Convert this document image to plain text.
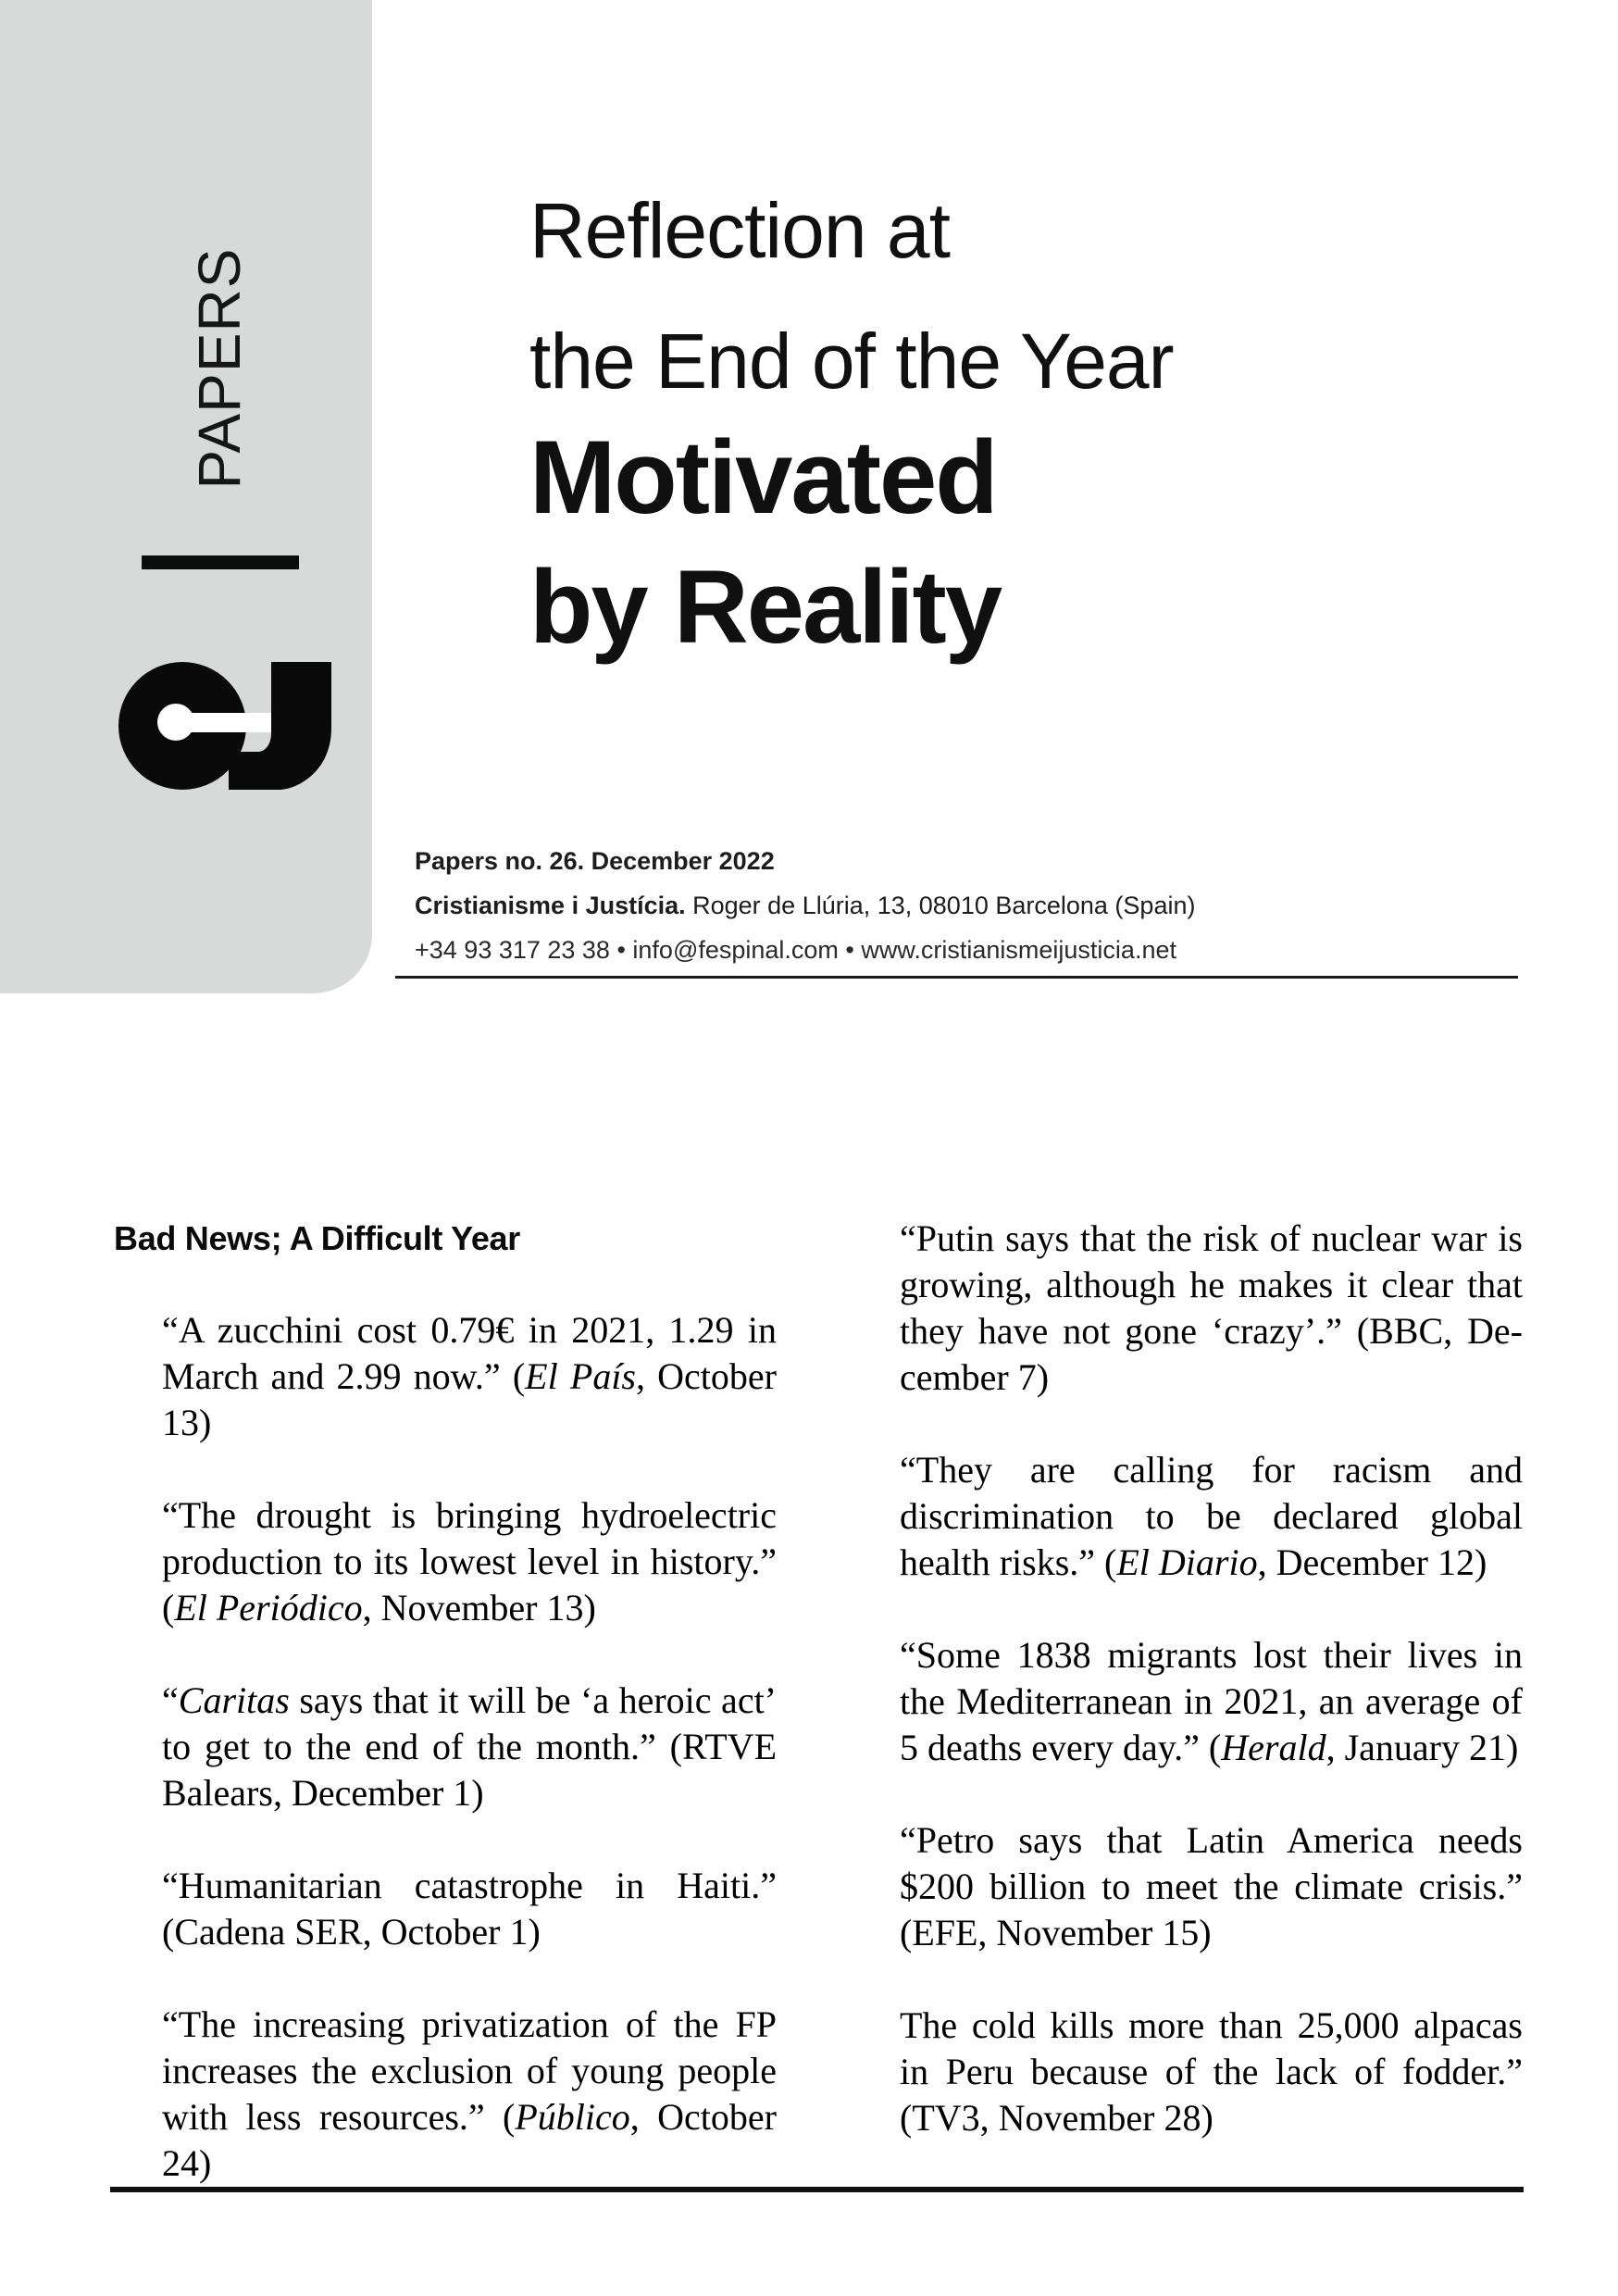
PAPERS
Reflection at
the End of the Year
Motivated
by Reality
Papers no. 26. December 2022
Cristianisme i Justícia. Roger de Llúria, 13, 08010 Barcelona (Spain)
+34 93 317 23 38 • info@fespinal.com • www.cristianismeijusticia.net
Bad News; A Difficult Year

“A zucchini cost 0.79€ in 2021, 1.29 in March and 2.99 now.” (El País, October 13)

“The drought is bringing hydroelectric production to its lowest level in history.” (El Periódico, November 13)

“Caritas says that it will be ‘a heroic act’ to get to the end of the month.” (RTVE Balears, December 1)

“Humanitarian catastrophe in Haiti.” (Cadena SER, October 1)

“The increasing privatization of the FP increases the exclusion of young people with less resources.” (Público, October 24)

“Putin says that the risk of nuclear war is growing, although he makes it clear that they have not gone ‘crazy’.” (BBC, December 7)

“They are calling for racism and discrimination to be declared global health risks.” (El Diario, December 12)

“Some 1838 migrants lost their lives in the Mediterranean in 2021, an average of 5 deaths every day.” (Herald, January 21)

“Petro says that Latin America needs $200 billion to meet the climate crisis.” (EFE, November 15)

The cold kills more than 25,000 alpacas in Peru because of the lack of fodder.” (TV3, November 28)
